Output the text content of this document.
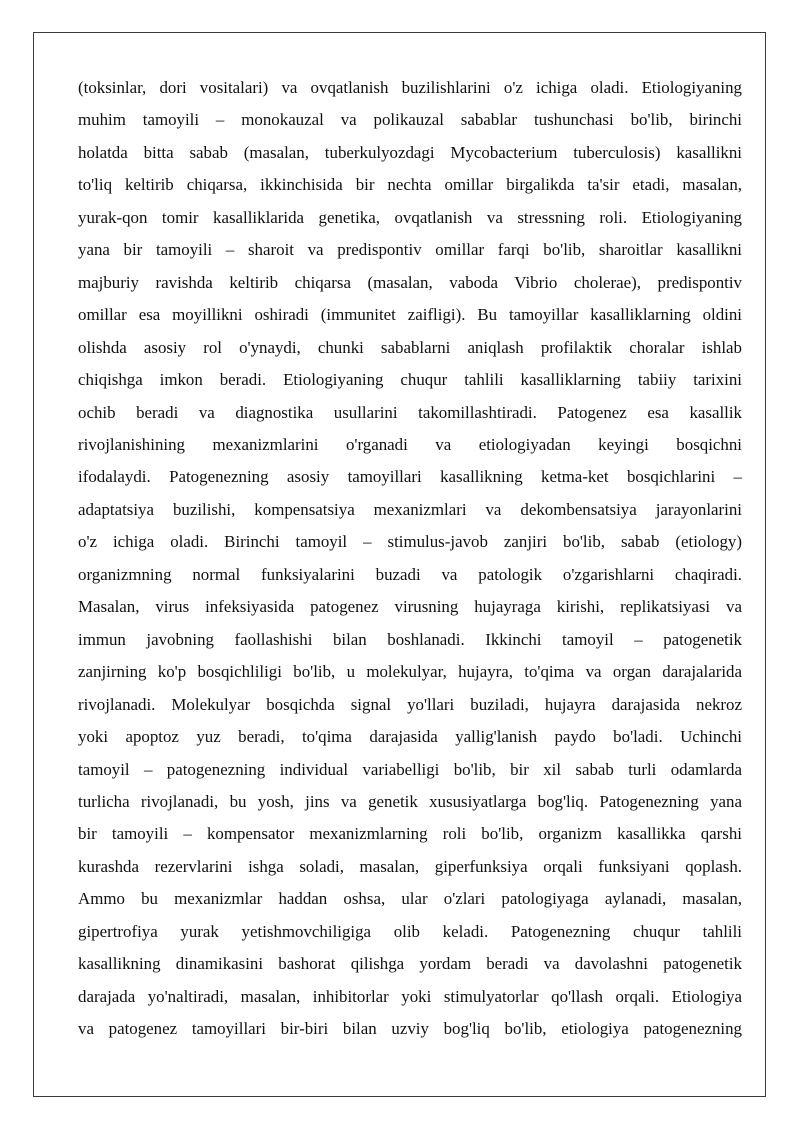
(toksinlar, dori vositalari) va ovqatlanish buzilishlarini o'z ichiga oladi. Etiologiyaning
muhim tamoyili – monokauzal va polikauzal sabablar tushunchasi bo'lib, birinchi
holatda bitta sabab (masalan, tuberkulyozdagi Mycobacterium tuberculosis) kasallikni
to'liq keltirib chiqarsa, ikkinchisida bir nechta omillar birgalikda ta'sir etadi, masalan,
yurak-qon tomir kasalliklarida genetika, ovqatlanish va stressning roli. Etiologiyaning
yana bir tamoyili – sharoit va predispontiv omillar farqi bo'lib, sharoitlar kasallikni
majburiy ravishda keltirib chiqarsa (masalan, vaboda Vibrio cholerae), predispontiv
omillar esa moyillikni oshiradi (immunitet zaifligi). Bu tamoyillar kasalliklarning oldini
olishda asosiy rol o'ynaydi, chunki sabablarni aniqlash profilaktik choralar ishlab
chiqishga imkon beradi. Etiologiyaning chuqur tahlili kasalliklarning tabiiy tarixini
ochib beradi va diagnostika usullarini takomillashtiradi. Patogenez esa kasallik
rivojlanishining mexanizmlarini o'rganadi va etiologiyadan keyingi bosqichni
ifodalaydi. Patogenezning asosiy tamoyillari kasallikning ketma-ket bosqichlarini –
adaptatsiya buzilishi, kompensatsiya mexanizmlari va dekombensatsiya jarayonlarini
o'z ichiga oladi. Birinchi tamoyil – stimulus-javob zanjiri bo'lib, sabab (etiology)
organizmning normal funksiyalarini buzadi va patologik o'zgarishlarni chaqiradi.
Masalan, virus infeksiyasida patogenez virusning hujayraga kirishi, replikatsiyasi va
immun javobning faollashishi bilan boshlanadi. Ikkinchi tamoyil – patogenetik
zanjirning ko'p bosqichliligi bo'lib, u molekulyar, hujayra, to'qima va organ darajalarida
rivojlanadi. Molekulyar bosqichda signal yo'llari buziladi, hujayra darajasida nekroz
yoki apoptoz yuz beradi, to'qima darajasida yallig'lanish paydo bo'ladi. Uchinchi
tamoyil – patogenezning individual variabelligi bo'lib, bir xil sabab turli odamlarda
turlicha rivojlanadi, bu yosh, jins va genetik xususiyatlarga bog'liq. Patogenezning yana
bir tamoyili – kompensator mexanizmlarning roli bo'lib, organizm kasallikka qarshi
kurashda rezervlarini ishga soladi, masalan, giperfunksiya orqali funksiyani qoplash.
Ammo bu mexanizmlar haddan oshsa, ular o'zlari patologiyaga aylanadi, masalan,
gipertrofiya yurak yetishmovchiligiga olib keladi. Patogenezning chuqur tahlili
kasallikning dinamikasini bashorat qilishga yordam beradi va davolashni patogenetik
darajada yo'naltiradi, masalan, inhibitorlar yoki stimulyatorlar qo'llash orqali. Etiologiya
va patogenez tamoyillari bir-biri bilan uzviy bog'liq bo'lib, etiologiya patogenezning
